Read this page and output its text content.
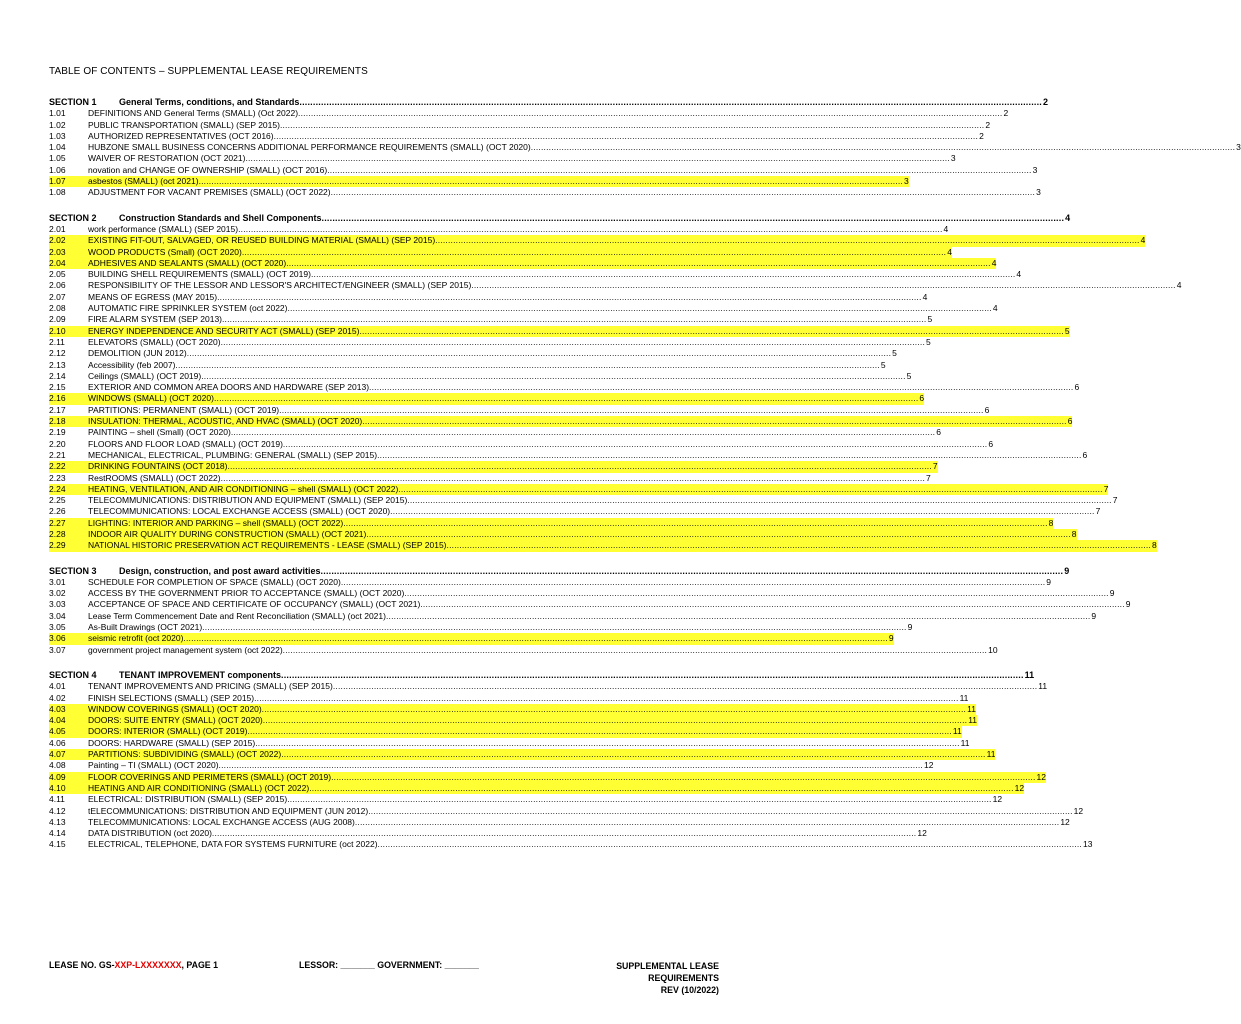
TABLE OF CONTENTS – SUPPLEMENTAL LEASE REQUIREMENTS
SECTION 1	General Terms, conditions, and Standards .....	2
1.01	DEFINITIONS AND General Terms (SMALL) (Oct 2022) .....	2
1.02	PUBLIC TRANSPORTATION (SMALL) (SEP 2015) .....	2
1.03	AUTHORIZED REPRESENTATIVES (OCT 2016) .....	2
1.04	HUBZONE SMALL BUSINESS CONCERNS ADDITIONAL PERFORMANCE REQUIREMENTS (SMALL) (OCT 2020) .....	3
1.05	WAIVER OF RESTORATION (OCT 2021) .....	3
1.06	novation and CHANGE OF OWNERSHIP (SMALL) (OCT 2016) .....	3
1.07	asbestos (SMALL) (oct 2021) .....	3
1.08	ADJUSTMENT FOR VACANT PREMISES (SMALL) (OCT 2022) .....	3
SECTION 2	Construction Standards and Shell Components .....	4
2.01	work performance (SMALL) (SEP 2015) .....	4
2.02	EXISTING FIT-OUT, SALVAGED, OR REUSED BUILDING MATERIAL (SMALL) (SEP 2015) .....	4
2.03	WOOD PRODUCTS (Small) (OCT 2020) .....	4
2.04	ADHESIVES AND SEALANTS (SMALL) (OCT 2020) .....	4
2.05	BUILDING SHELL REQUIREMENTS (SMALL) (OCT 2019) .....	4
2.06	RESPONSIBILITY OF THE LESSOR AND LESSOR'S ARCHITECT/ENGINEER (SMALL) (SEP 2015) .....	4
2.07	MEANS OF EGRESS (MAY 2015) .....	4
2.08	AUTOMATIC FIRE SPRINKLER SYSTEM (oct 2022) .....	4
2.09	FIRE ALARM SYSTEM (SEP 2013) .....	5
2.10	ENERGY INDEPENDENCE AND SECURITY ACT (SMALL) (SEP 2015) .....	5
2.11	ELEVATORS (SMALL) (OCT 2020) .....	5
2.12	DEMOLITION (JUN 2012) .....	5
2.13	Accessibility (feb 2007) .....	5
2.14	Ceilings (SMALL) (OCT 2019) .....	5
2.15	EXTERIOR AND COMMON AREA DOORS AND HARDWARE (SEP 2013) .....	6
2.16	WINDOWS (SMALL) (OCT 2020) .....	6
2.17	PARTITIONS: PERMANENT (SMALL) (OCT 2019) .....	6
2.18	INSULATION: THERMAL, ACOUSTIC, AND HVAC (SMALL) (OCT 2020) .....	6
2.19	PAINTING – shell (Small) (OCT 2020) .....	6
2.20	FLOORS AND FLOOR LOAD (SMALL) (OCT 2019) .....	6
2.21	MECHANICAL, ELECTRICAL, PLUMBING: GENERAL (SMALL) (SEP 2015) .....	6
2.22	DRINKING FOUNTAINS (OCT 2018) .....	7
2.23	RestROOMS (SMALL) (OCT 2022) .....	7
2.24	HEATING, VENTILATION, AND AIR CONDITIONING – shell (SMALL) (OCT 2022) .....	7
2.25	TELECOMMUNICATIONS: DISTRIBUTION AND EQUIPMENT (SMALL) (SEP 2015) .....	7
2.26	TELECOMMUNICATIONS: LOCAL EXCHANGE ACCESS (SMALL) (OCT 2020) .....	7
2.27	LIGHTING: INTERIOR AND PARKING – shell (SMALL) (OCT 2022) .....	8
2.28	INDOOR AIR QUALITY DURING CONSTRUCTION (SMALL) (OCT 2021) .....	8
2.29	NATIONAL HISTORIC PRESERVATION ACT REQUIREMENTS - LEASE (SMALL) (SEP 2015) .....	8
SECTION 3	Design, construction, and post award activities .....	9
3.01	SCHEDULE FOR COMPLETION OF SPACE (SMALL) (OCT 2020) .....	9
3.02	ACCESS BY THE GOVERNMENT PRIOR TO ACCEPTANCE (SMALL) (OCT 2020) .....	9
3.03	ACCEPTANCE OF SPACE AND CERTIFICATE OF OCCUPANCY (SMALL) (OCT 2021) .....	9
3.04	Lease Term Commencement Date and Rent Reconciliation (SMALL) (oct 2021) .....	9
3.05	As-Built Drawings (OCT 2021) .....	9
3.06	seismic retrofit (oct 2020) .....	9
3.07	government project management system (oct 2022) .....	10
SECTION 4	TENANT IMPROVEMENT components .....	11
4.01	TENANT IMPROVEMENTS AND PRICING (SMALL) (SEP 2015) .....	11
4.02	FINISH SELECTIONS (SMALL) (SEP 2015) .....	11
4.03	WINDOW COVERINGS (SMALL) (OCT 2020) .....	11
4.04	DOORS: SUITE ENTRY (SMALL) (OCT 2020) .....	11
4.05	DOORS: INTERIOR (SMALL) (OCT 2019) .....	11
4.06	DOORS: HARDWARE (SMALL) (SEP 2015) .....	11
4.07	PARTITIONS: SUBDIVIDING (SMALL) (OCT 2022) .....	11
4.08	Painting – TI (SMALL) (OCT 2020) .....	12
4.09	FLOOR COVERINGS AND PERIMETERS (SMALL) (OCT 2019) .....	12
4.10	HEATING AND AIR CONDITIONING (SMALL) (OCT 2022) .....	12
4.11	ELECTRICAL: DISTRIBUTION (SMALL) (SEP 2015) .....	12
4.12	tELECOMMUNICATIONS: DISTRIBUTION AND EQUIPMENT (JUN 2012) .....	12
4.13	TELECOMMUNICATIONS: LOCAL EXCHANGE ACCESS (AUG 2008) .....	12
4.14	DATA DISTRIBUTION (oct 2020) .....	12
4.15	ELECTRICAL, TELEPHONE, DATA FOR SYSTEMS FURNITURE (oct 2022) .....	13
LEASE NO. GS-XXP-LXXXXXXX, PAGE 1	LESSOR: _______ GOVERNMENT: _______	SUPPLEMENTAL LEASE
REQUIREMENTS
REV (10/2022)
